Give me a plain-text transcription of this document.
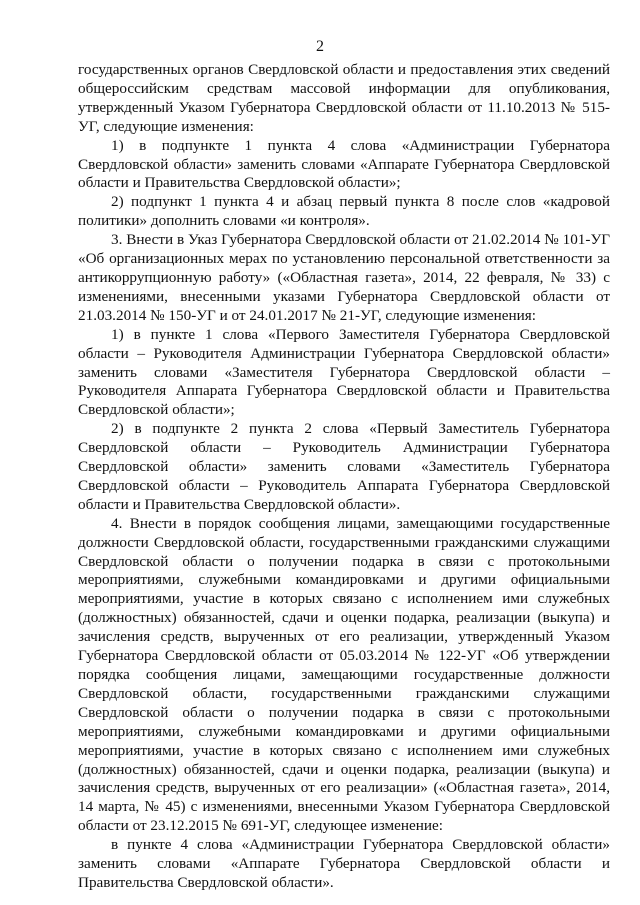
2

государственных органов Свердловской области и предоставления этих сведений общероссийским средствам массовой информации для опубликования, утвержденный Указом Губернатора Свердловской области от 11.10.2013 № 515-УГ, следующие изменения:

1) в подпункте 1 пункта 4 слова «Администрации Губернатора Свердловской области» заменить словами «Аппарате Губернатора Свердловской области и Правительства Свердловской области»;

2) подпункт 1 пункта 4 и абзац первый пункта 8 после слов «кадровой политики» дополнить словами «и контроля».

3. Внести в Указ Губернатора Свердловской области от 21.02.2014 № 101-УГ «Об организационных мерах по установлению персональной ответственности за антикоррупционную работу» («Областная газета», 2014, 22 февраля, № 33) с изменениями, внесенными указами Губернатора Свердловской области от 21.03.2014 № 150-УГ и от 24.01.2017 № 21-УГ, следующие изменения:

1) в пункте 1 слова «Первого Заместителя Губернатора Свердловской области – Руководителя Администрации Губернатора Свердловской области» заменить словами «Заместителя Губернатора Свердловской области – Руководителя Аппарата Губернатора Свердловской области и Правительства Свердловской области»;

2) в подпункте 2 пункта 2 слова «Первый Заместитель Губернатора Свердловской области – Руководитель Администрации Губернатора Свердловской области» заменить словами «Заместитель Губернатора Свердловской области – Руководитель Аппарата Губернатора Свердловской области и Правительства Свердловской области».

4. Внести в порядок сообщения лицами, замещающими государственные должности Свердловской области, государственными гражданскими служащими Свердловской области о получении подарка в связи с протокольными мероприятиями, служебными командировками и другими официальными мероприятиями, участие в которых связано с исполнением ими служебных (должностных) обязанностей, сдачи и оценки подарка, реализации (выкупа) и зачисления средств, вырученных от его реализации, утвержденный Указом Губернатора Свердловской области от 05.03.2014 № 122-УГ «Об утверждении порядка сообщения лицами, замещающими государственные должности Свердловской области, государственными гражданскими служащими Свердловской области о получении подарка в связи с протокольными мероприятиями, служебными командировками и другими официальными мероприятиями, участие в которых связано с исполнением ими служебных (должностных) обязанностей, сдачи и оценки подарка, реализации (выкупа) и зачисления средств, вырученных от его реализации» («Областная газета», 2014, 14 марта, № 45) с изменениями, внесенными Указом Губернатора Свердловской области от 23.12.2015 № 691-УГ, следующее изменение:

в пункте 4 слова «Администрации Губернатора Свердловской области» заменить словами «Аппарате Губернатора Свердловской области и Правительства Свердловской области».
